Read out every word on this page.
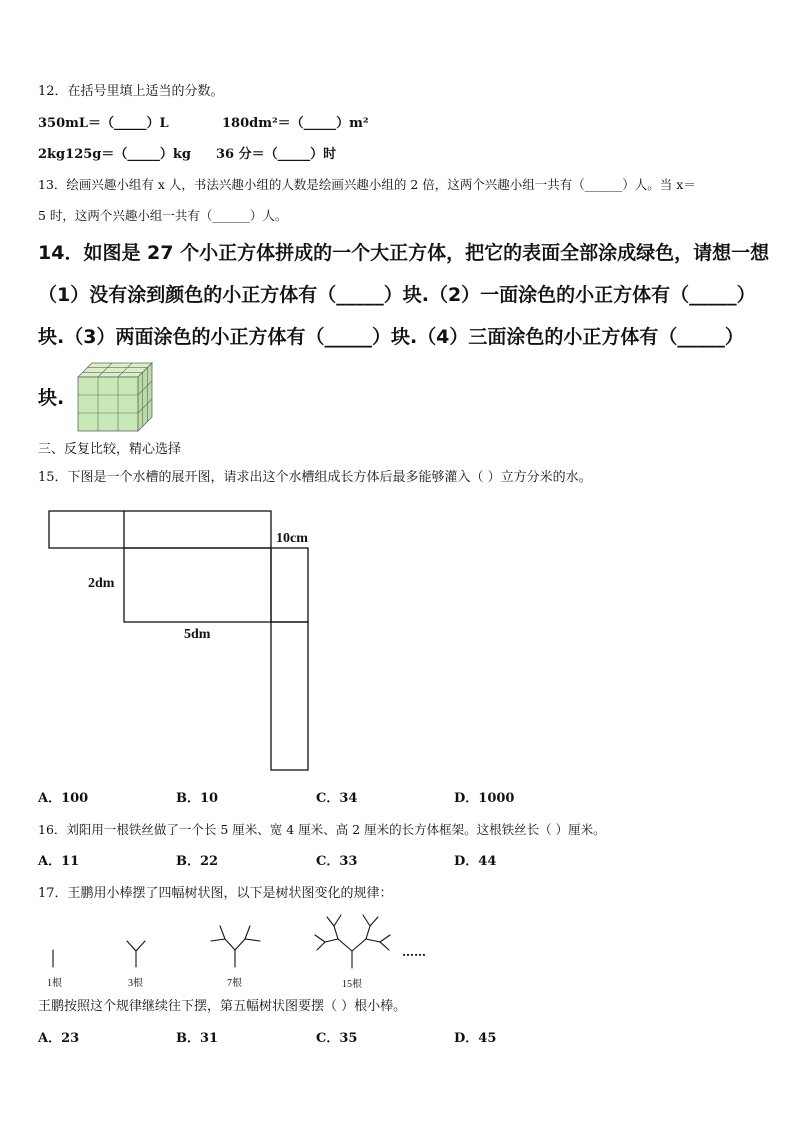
12．在括号里填上适当的分数。
350mL＝（_____）L	180dm²＝（_____）m²
2kg125g＝（_____）kg 36 分＝（_____）时
13．绘画兴趣小组有 x 人，书法兴趣小组的人数是绘画兴趣小组的 2 倍，这两个兴趣小组一共有（______）人。当 x＝
5 时，这两个兴趣小组一共有（______）人。
14．如图是 27 个小正方体拼成的一个大正方体，把它的表面全部涂成绿色，请想一想
（1）没有涂到颜色的小正方体有（_____）块.（2）一面涂色的小正方体有（_____）
块.（3）两面涂色的小正方体有（_____）块.（4）三面涂色的小正方体有（_____）
块.
三、反复比较，精心选择
15．下图是一个水槽的展开图，请求出这个水槽组成长方体后最多能够灌入（ ）立方分米的水。
10cm
2dm
5dm
A．100	B．10	C．34	D．1000
16．刘阳用一根铁丝做了一个长 5 厘米、宽 4 厘米、高 2 厘米的长方体框架。这根铁丝长（ ）厘米。
A．11	B．22	C．33	D．44
17．王鹏用小棒摆了四幅树状图，以下是树状图变化的规律：
1根	3根	7根	15根
……
王鹏按照这个规律继续往下摆，第五幅树状图要摆（ ）根小棒。
A．23	B．31	C．35	D．45
